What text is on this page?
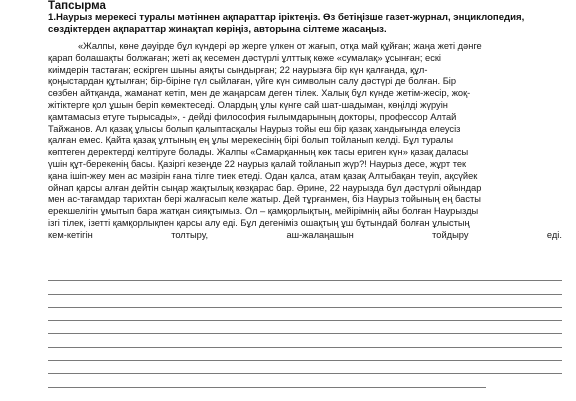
Тапсырма
1.Наурыз мерекесі туралы мәтіннен ақпараттар іріктеңіз. Өз бетіңізше газет-журнал, энциклопедия, сөздіктерден ақпараттар жинақтап көріңіз, авторына сілтеме жасаңыз.
«Жалпы, көне дәуірде бұл күндері әр жерге үлкен от жағып, отқа май құйған; жаңа жеті дәнге
қарап болашақты болжаған; жеті ақ кесемен дәстүрлі ұлттық көже «сумалақ» ұсынған; ескі
киімдерін тастаған; ескірген шыны аяқты сындырған; 22 наурызға бір күн қалғанда, құл-
қоңыстардан құтылған; бір-біріне гүл сыйлаған, үйге күн символын салу дәстүрі де болған. Бір
сөзбен айтқанда, жаманат кетіп, мен де жаңарсам деген тілек. Халық бұл күнде жетім-жесір, жоқ-
жітіктерге қол ұшын беріп көмектеседі. Олардың ұлы күнге сай шат-шадыман, көңілді жүруін
қамтамасыз етуге тырысады», - дейді философия ғылымдарының докторы, профессор Алтай
Тайжанов. Ал қазақ ұлысы болып қалыптасқалы Наурыз тойы еш бір қазақ хандығында елеусіз
қалған емес. Қайта қазақ ұлтының ең ұлы мерекесінің бірі болып тойланып келді. Бұл туралы
көптеген деректерді келтіруге болады. Жалпы «Самарқанның көк тасы ериген күн» қазақ даласы
үшін құт-берекенің басы. Қазіргі кезеңде 22 наурыз қалай тойланып жүр?! Наурыз десе, жұрт тек
қана ішіп-жеу мен ас мәзірін ғана тілге тиек етеді. Одан қалса, атам қазақ Алтыбақан теуіп, ақсүйек
ойнап қарсы алған дейтін сыңар жақтылық көзқарас бар. Әрине, 22 наурызда бұл дәстүрлі ойындар
мен ас-тағамдар тарихтан бері жалғасып келе жатыр. Дей тұрғанмен, біз Наурыз тойының ең басты
ерекшелігін ұмытып бара жатқан сияқтымыз. Ол – қамқорлықтың, мейірімнің айы болған Наурызды
ізгі тілек, ізетті қамқорлықпен қарсы алу еді. Бұл дегеніміз ошақтың ұш бұтындай болған ұлыстың
кем-кетігін	толтыру,	аш-жалаңашын	тойдыру	еді.
